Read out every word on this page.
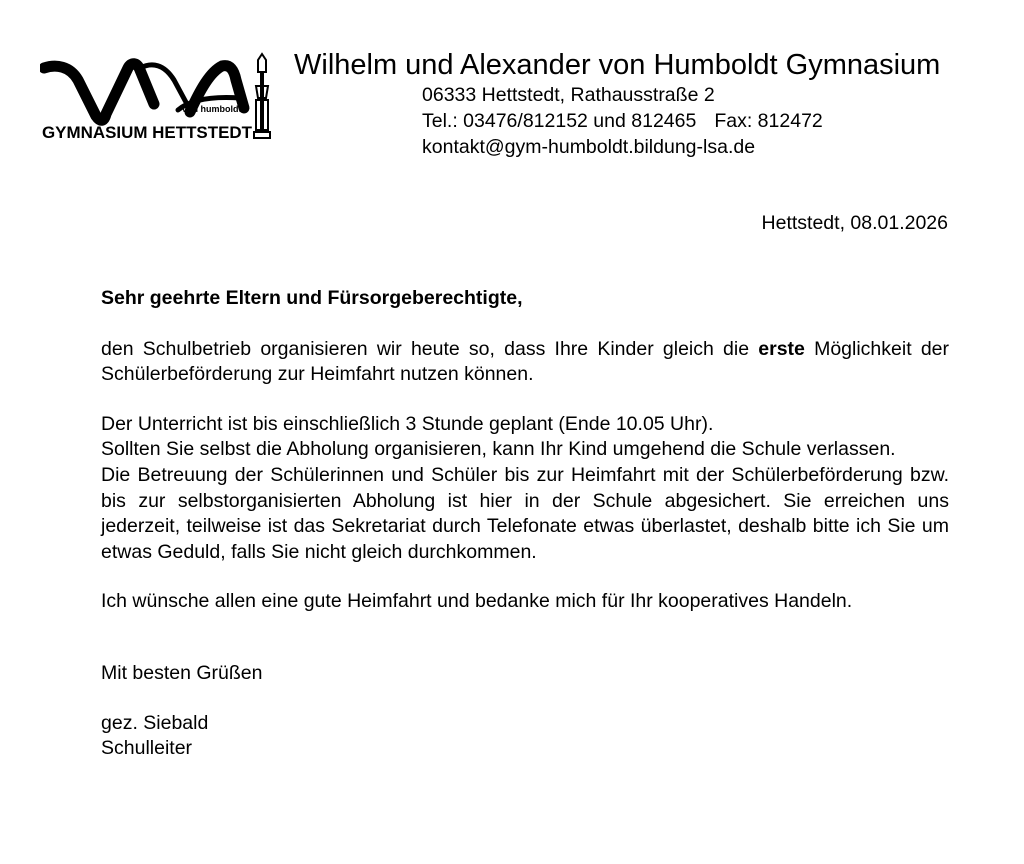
von humboldt
GYMNASIUM HETTSTEDT
Wilhelm und Alexander von Humboldt Gymnasium
06333 Hettstedt, Rathausstraße 2
Tel.: 03476/812152 und 812465 Fax: 812472
kontakt@gym-humboldt.bildung-lsa.de
Hettstedt, 08.01.2026

Sehr geehrte Eltern und Fürsorgeberechtigte,

den Schulbetrieb organisieren wir heute so, dass Ihre Kinder gleich die erste Möglichkeit der Schülerbeförderung zur Heimfahrt nutzen können.

Der Unterricht ist bis einschließlich 3 Stunde geplant (Ende 10.05 Uhr).

Sollten Sie selbst die Abholung organisieren, kann Ihr Kind umgehend die Schule verlassen.

Die Betreuung der Schülerinnen und Schüler bis zur Heimfahrt mit der Schülerbeförderung bzw. bis zur selbstorganisierten Abholung ist hier in der Schule abgesichert. Sie erreichen uns jederzeit, teilweise ist das Sekretariat durch Telefonate etwas überlastet, deshalb bitte ich Sie um etwas Geduld, falls Sie nicht gleich durchkommen.

Ich wünsche allen eine gute Heimfahrt und bedanke mich für Ihr kooperatives Handeln.

Mit besten Grüßen

gez. Siebald

Schulleiter
